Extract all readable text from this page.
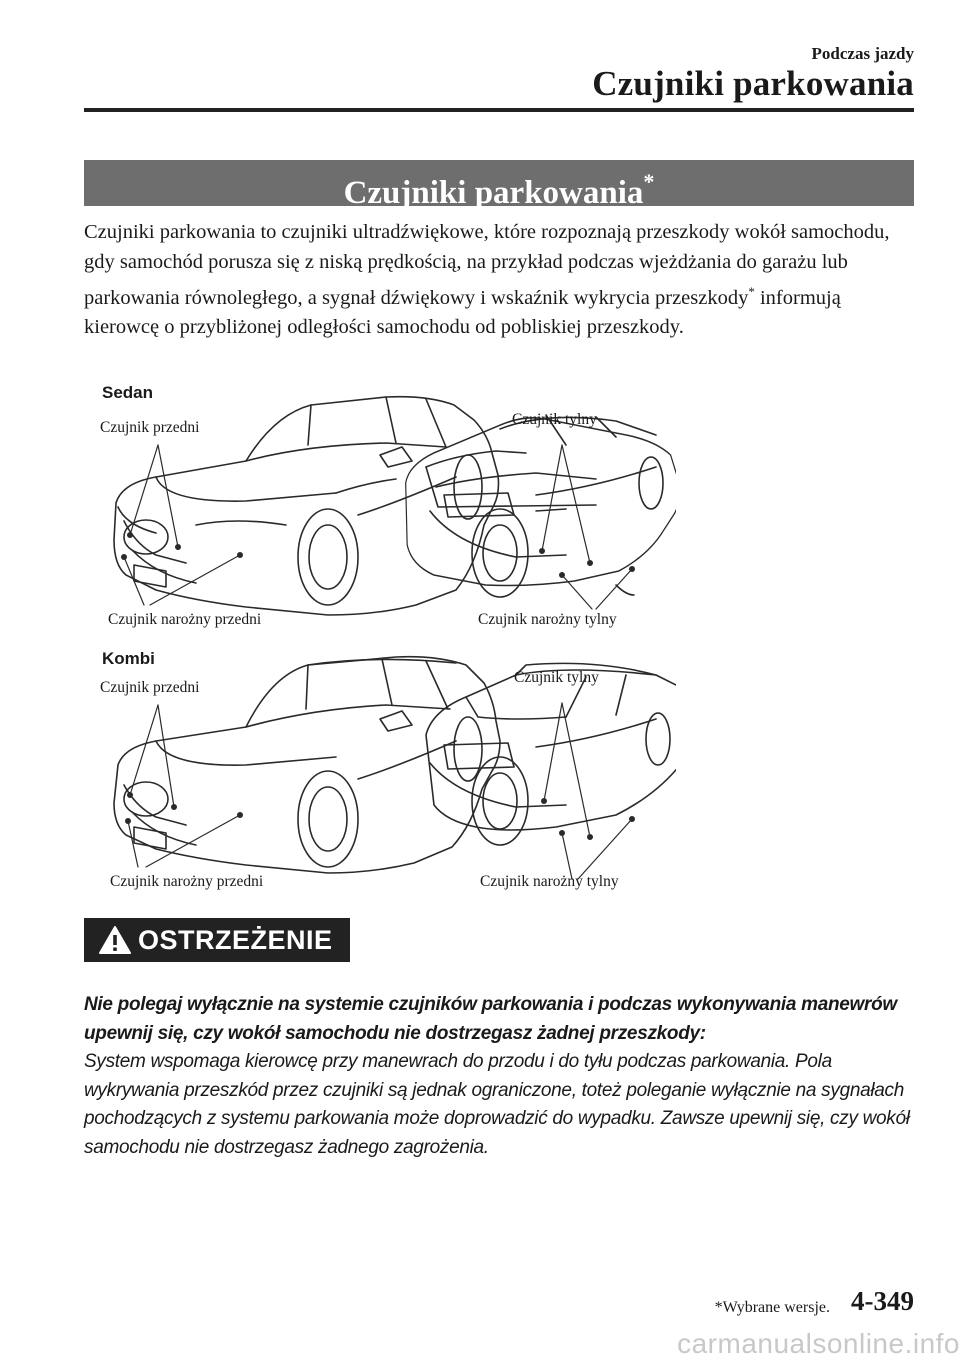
Podczas jazdy
Czujniki parkowania
Czujniki parkowania*
Czujniki parkowania to czujniki ultradźwiękowe, które rozpoznają przeszkody wokół samochodu, gdy samochód porusza się z niską prędkością, na przykład podczas wjeżdżania do garażu lub parkowania równoległego, a sygnał dźwiękowy i wskaźnik wykrycia przeszkody* informują kierowcę o przybliżonej odległości samochodu od pobliskiej przeszkody.
Sedan
Czujnik przedni	Czujnik tylny
Czujnik narożny przedni	Czujnik narożny tylny
Kombi
Czujnik przedni
Czujnik tylny
Czujnik narożny przedni	Czujnik narożny tylny
OSTRZEŻENIE
Nie polegaj wyłącznie na systemie czujników parkowania i podczas wykonywania manewrów upewnij się, czy wokół samochodu nie dostrzegasz żadnej przeszkody:
System wspomaga kierowcę przy manewrach do przodu i do tyłu podczas parkowania. Pola wykrywania przeszkód przez czujniki są jednak ograniczone, toteż poleganie wyłącznie na sygnałach pochodzących z systemu parkowania może doprowadzić do wypadku. Zawsze upewnij się, czy wokół samochodu nie dostrzegasz żadnego zagrożenia.
*Wybrane wersje. 4-349
carmanualsonline.info
